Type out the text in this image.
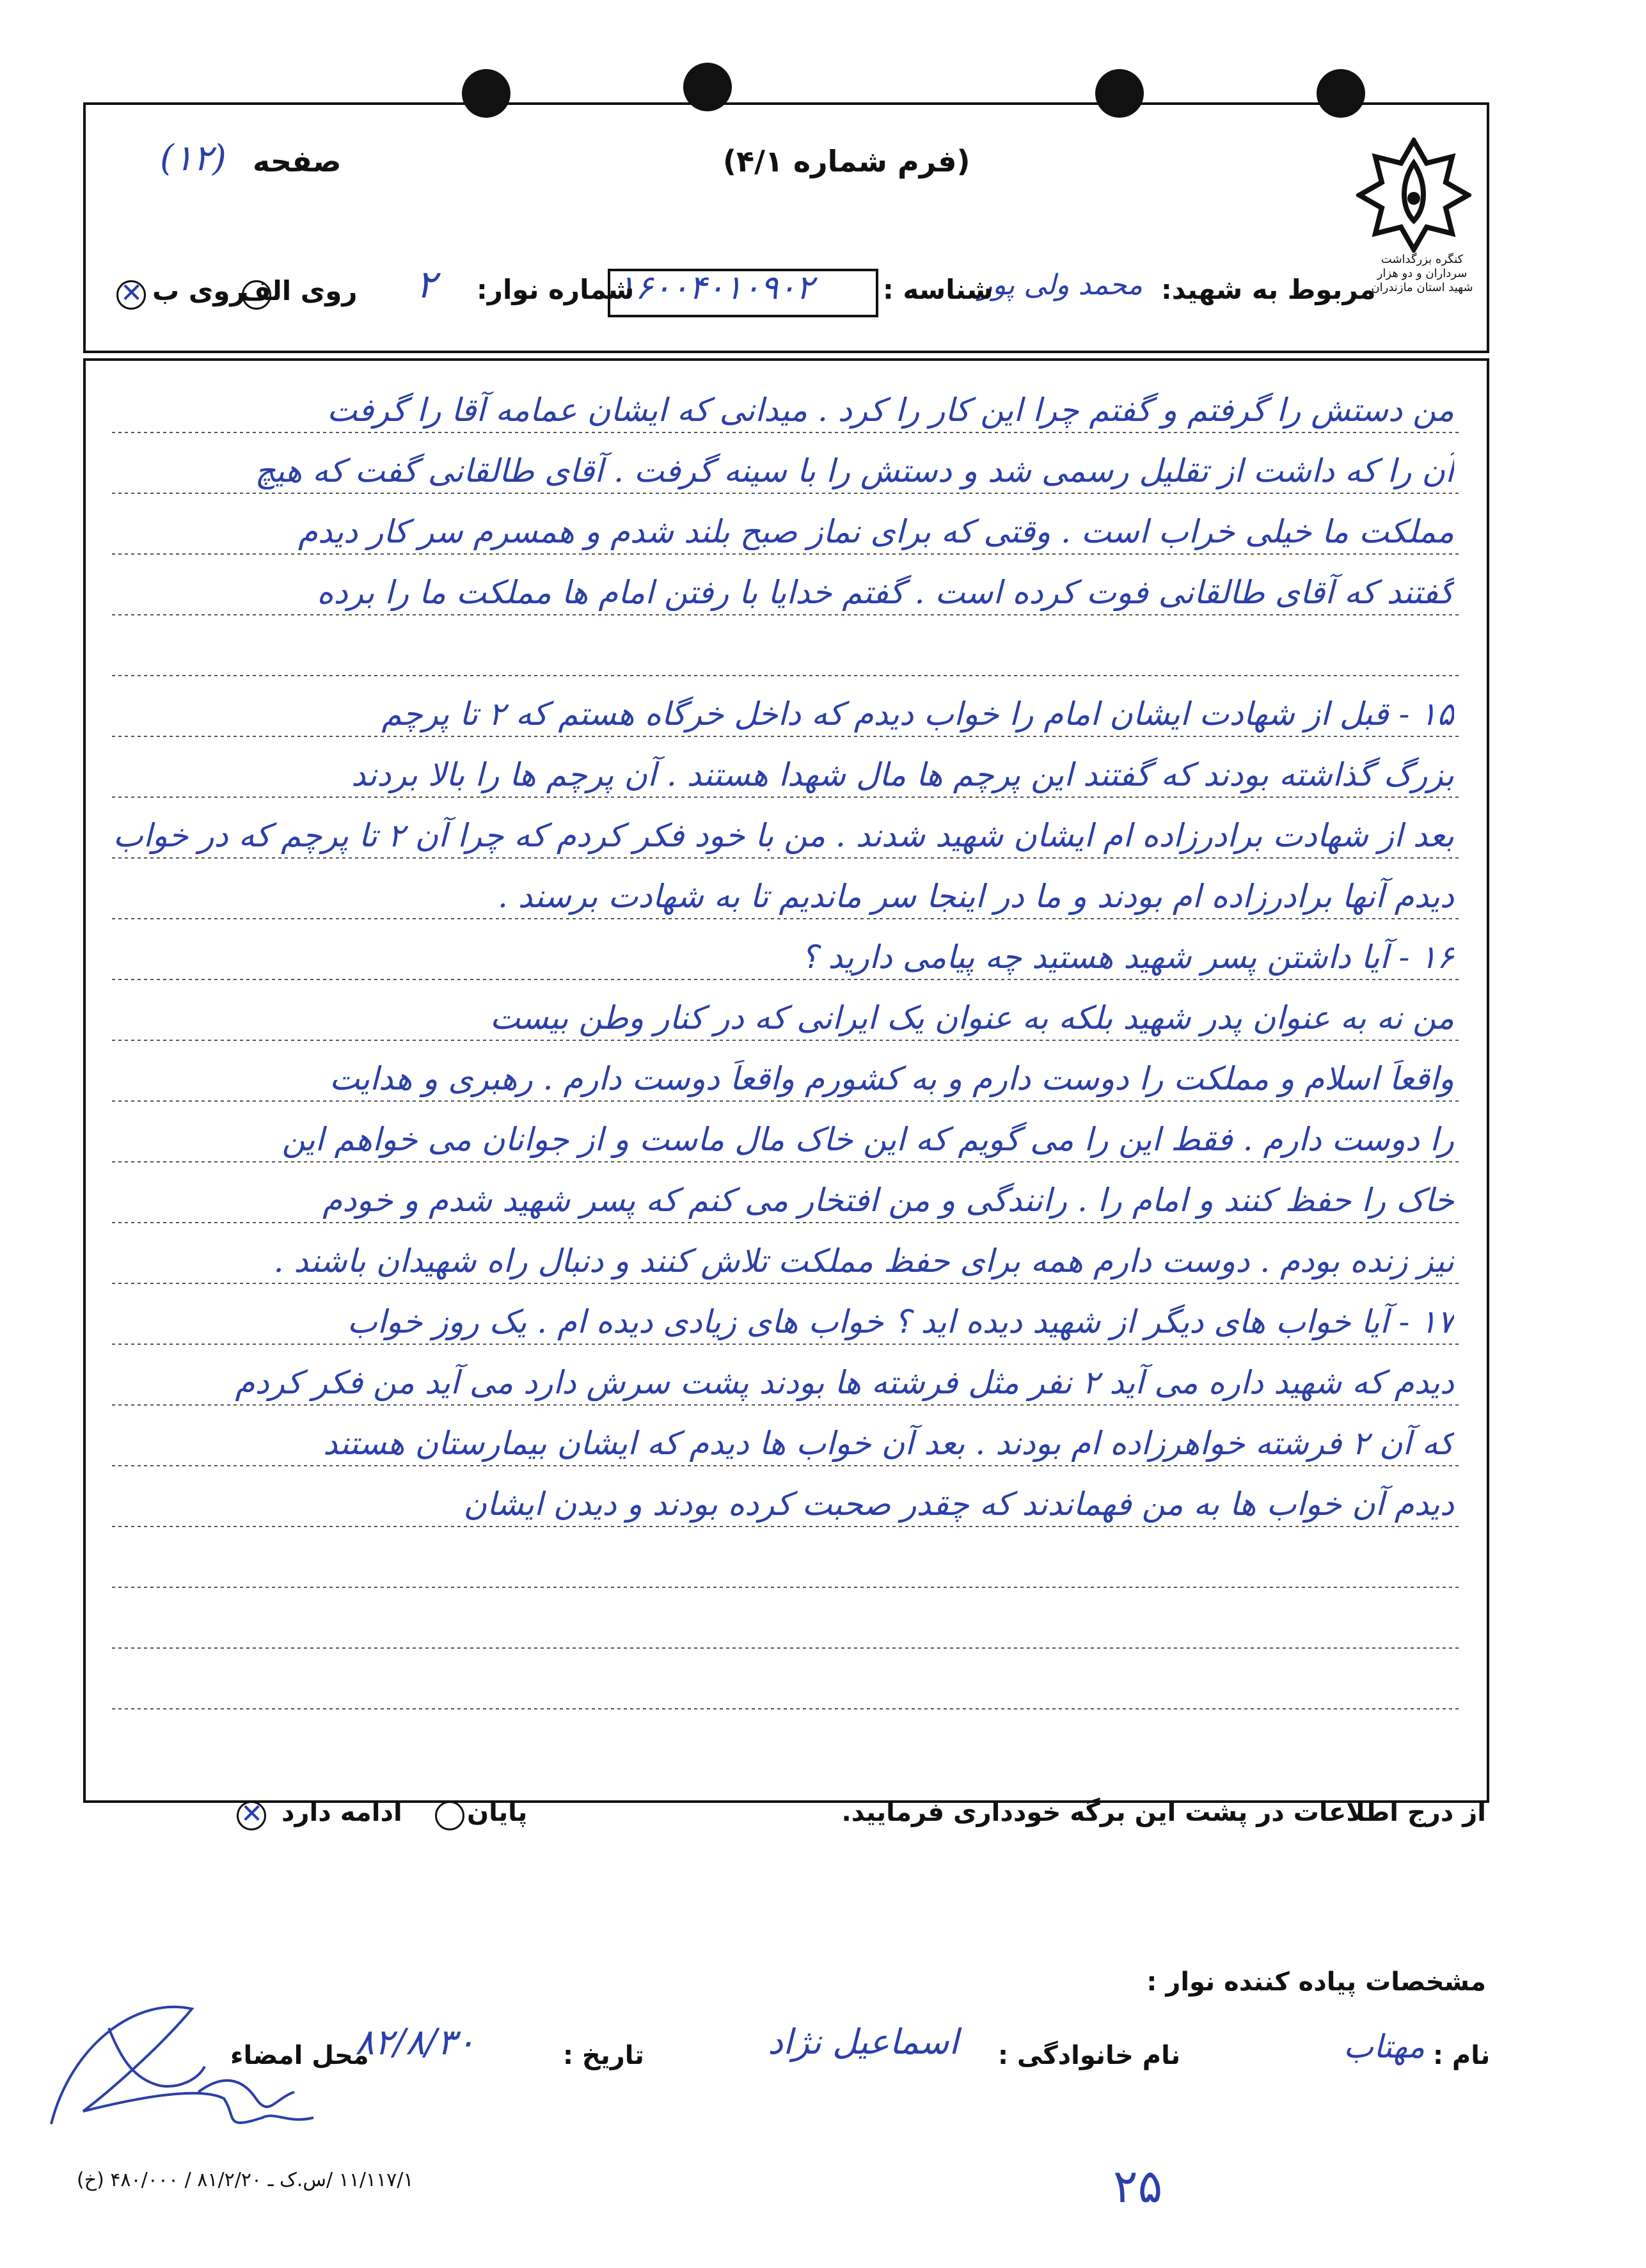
کنگره بزرگداشت سرداران و دو هزار شهید استان مازندران
(فرم شماره ۴/۱)
صفحه
(۱۲)
مربوط به شهید:
محمد ولی پور
شناسه :
۱۶۰۰۴۰۱۰۹۰۲
شماره نوار:
۲
روی الف
روی ب
✕
من دستش را گرفتم و گفتم چرا این کار را کرد . میدانی که ایشان عمامه آقا را گرفت
آن را که داشت از تقلیل رسمی شد و دستش را با سینه گرفت . آقای طالقانی گفت که هیچ
مملکت ما خیلی خراب است . وقتی که برای نماز صبح بلند شدم و همسرم سر کار دیدم
گفتند که آقای طالقانی فوت کرده است . گفتم خدایا با رفتن امام ها مملکت ما را برده
۱۵ - قبل از شهادت ایشان امام را خواب دیدم که داخل خرگاه هستم که ۲ تا پرچم
بزرگ گذاشته بودند که گفتند این پرچم ها مال شهدا هستند . آن پرچم ها را بالا بردند
بعد از شهادت برادرزاده ام ایشان شهید شدند . من با خود فکر کردم که چرا آن ۲ تا پرچم که در خواب
دیدم آنها برادرزاده ام بودند و ما در اینجا سر ماندیم تا به شهادت برسند .
۱۶ - آیا داشتن پسر شهید هستید چه پیامی دارید ؟
من نه به عنوان پدر شهید بلکه به عنوان یک ایرانی که در کنار وطن بیست
واقعاً اسلام و مملکت را دوست دارم و به کشورم واقعاً دوست دارم . رهبری و هدایت
را دوست دارم . فقط این را می گویم که این خاک مال ماست و از جوانان می خواهم این
خاک را حفظ کنند و امام را . رانندگی و من افتخار می کنم که پسر شهید شدم و خودم
نیز زنده بودم . دوست دارم همه برای حفظ مملکت تلاش کنند و دنبال راه شهیدان باشند .
۱۷ - آیا خواب های دیگر از شهید دیده اید ؟ خواب های زیادی دیده ام . یک روز خواب
دیدم که شهید داره می آید ۲ نفر مثل فرشته ها بودند پشت سرش دارد می آید من فکر کردم
که آن ۲ فرشته خواهرزاده ام بودند . بعد آن خواب ها دیدم که ایشان بیمارستان هستند
دیدم آن خواب ها به من فهماندند که چقدر صحبت کرده بودند و دیدن ایشان
از درج اطلاعات در پشت این برگه خودداری فرمایید.
پایان
ادامه دارد
✕
مشخصات پیاده کننده نوار :
نام :
مهتاب
نام خانوادگی :
اسماعیل نژاد
تاریخ :
۸۲/۸/۳۰
محل امضاء
۱۱/۱۱۷/۱ /س.ک ـ ۸۱/۲/۲۰ / ۴۸۰/۰۰۰ (خ)	۲۵
